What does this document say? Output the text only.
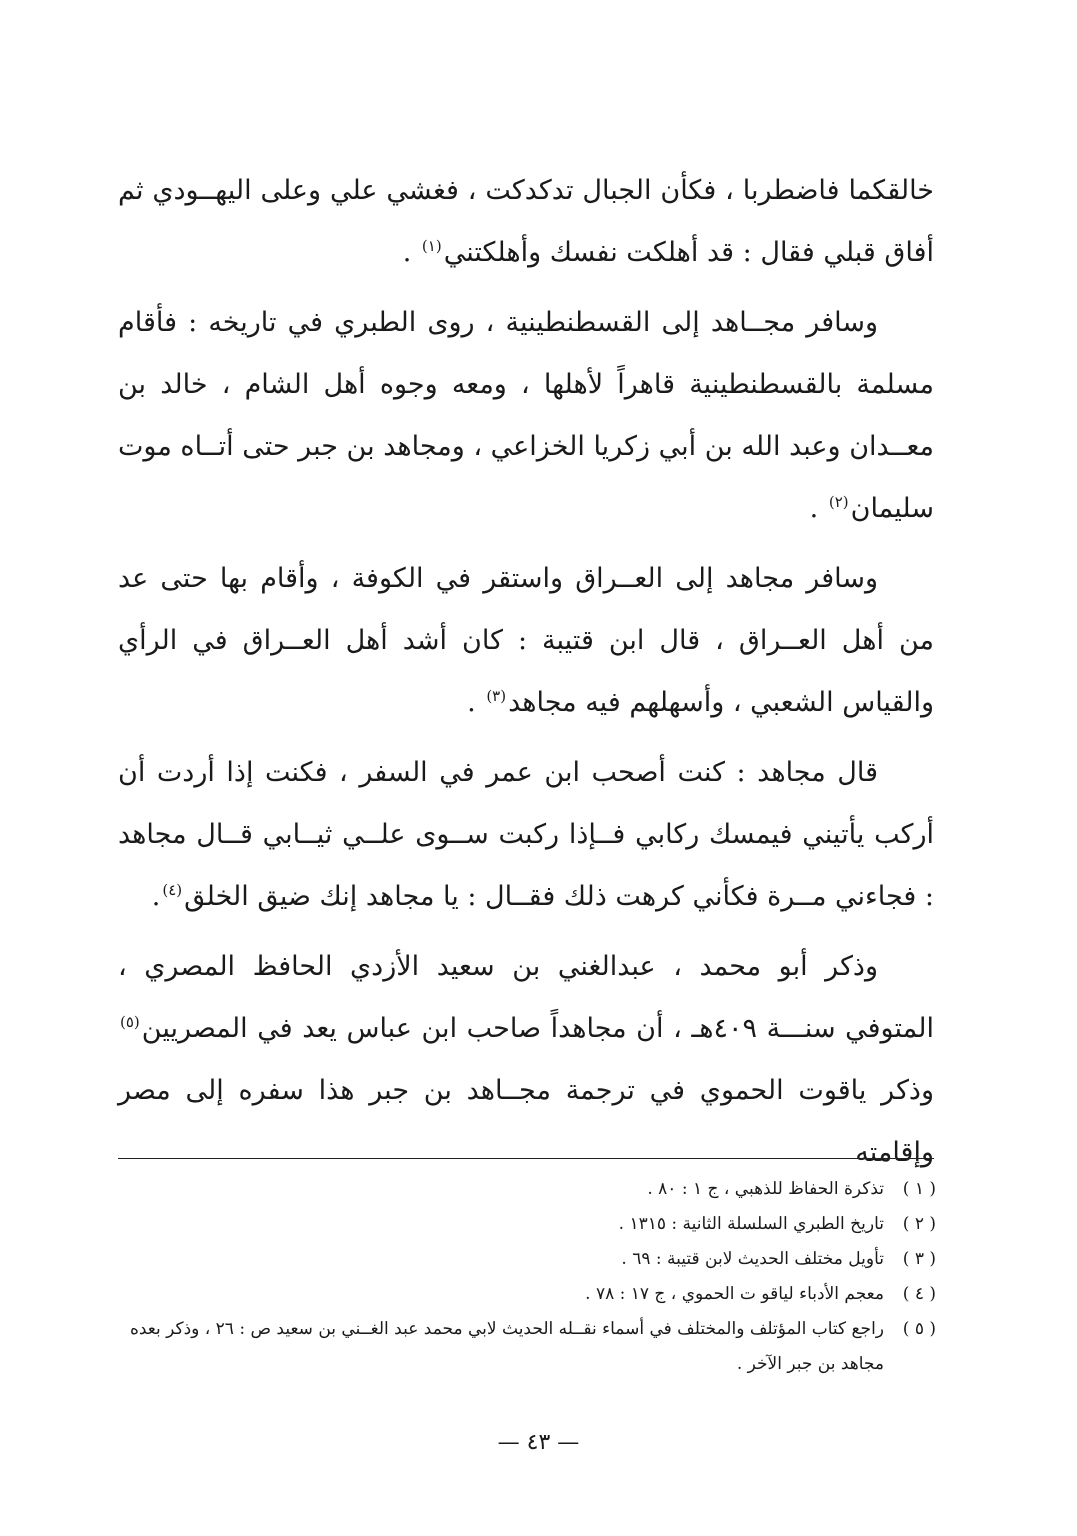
خالقكما فاضطربا ، فكأن الجبال تدكدكت ، فغشي علي وعلى اليهــودي ثم أفاق قبلي فقال : قد أهلكت نفسك وأهلكتني$^{(١)}$ .

وسافر مجــاهد إلى القسطنطينية ، روى الطبري في تاريخه : فأقام مسلمة بالقسطنطينية قاهراً لأهلها ، ومعه وجوه أهل الشام ، خالد بن معــدان وعبد الله بن أبي زكريا الخزاعي ، ومجاهد بن جبر حتى أتــاه موت سليمان$^{(٢)}$ .

وسافر مجاهد إلى العــراق واستقر في الكوفة ، وأقام بها حتى عد من أهل العــراق ، قال ابن قتيبة : كان أشد أهل العــراق في الرأي والقياس الشعبي ، وأسهلهم فيه مجاهد$^{(٣)}$ .

قال مجاهد : كنت أصحب ابن عمر في السفر ، فكنت إذا أردت أن أركب يأتيني فيمسك ركابي فــإذا ركبت ســوى علــي ثيــابي قــال مجاهد : فجاءني مــرة فكأني كرهت ذلك فقــال : يا مجاهد إنك ضيق الخلق$^{(٤)}$.

وذكر أبو محمد ، عبدالغني بن سعيد الأزدي الحافظ المصري ، المتوفي سنـــة ٤٠٩هـ ، أن مجاهداً صاحب ابن عباس يعد في المصريين$^{(٥)}$ وذكر ياقوت الحموي في ترجمة مجــاهد بن جبر هذا سفره إلى مصر وإقامته

( ١ )
تذكرة الحفاظ للذهبي ، ج ١ : ٨٠ .
( ٢ )
تاريخ الطبري السلسلة الثانية : ١٣١٥ .
( ٣ )
تأويل مختلف الحديث لابن قتيبة : ٦٩ .
( ٤ )
معجم الأدباء لياقو ت الحموي ، ج ١٧ : ٧٨ .
( ٥ )
راجع كتاب المؤتلف والمختلف في أسماء نقــله الحديث لابي محمد عبد الغــني بن سعيد ص : ٢٦ ، وذكر بعده مجاهد بن جبر الآخر .
— ٤٣ —
